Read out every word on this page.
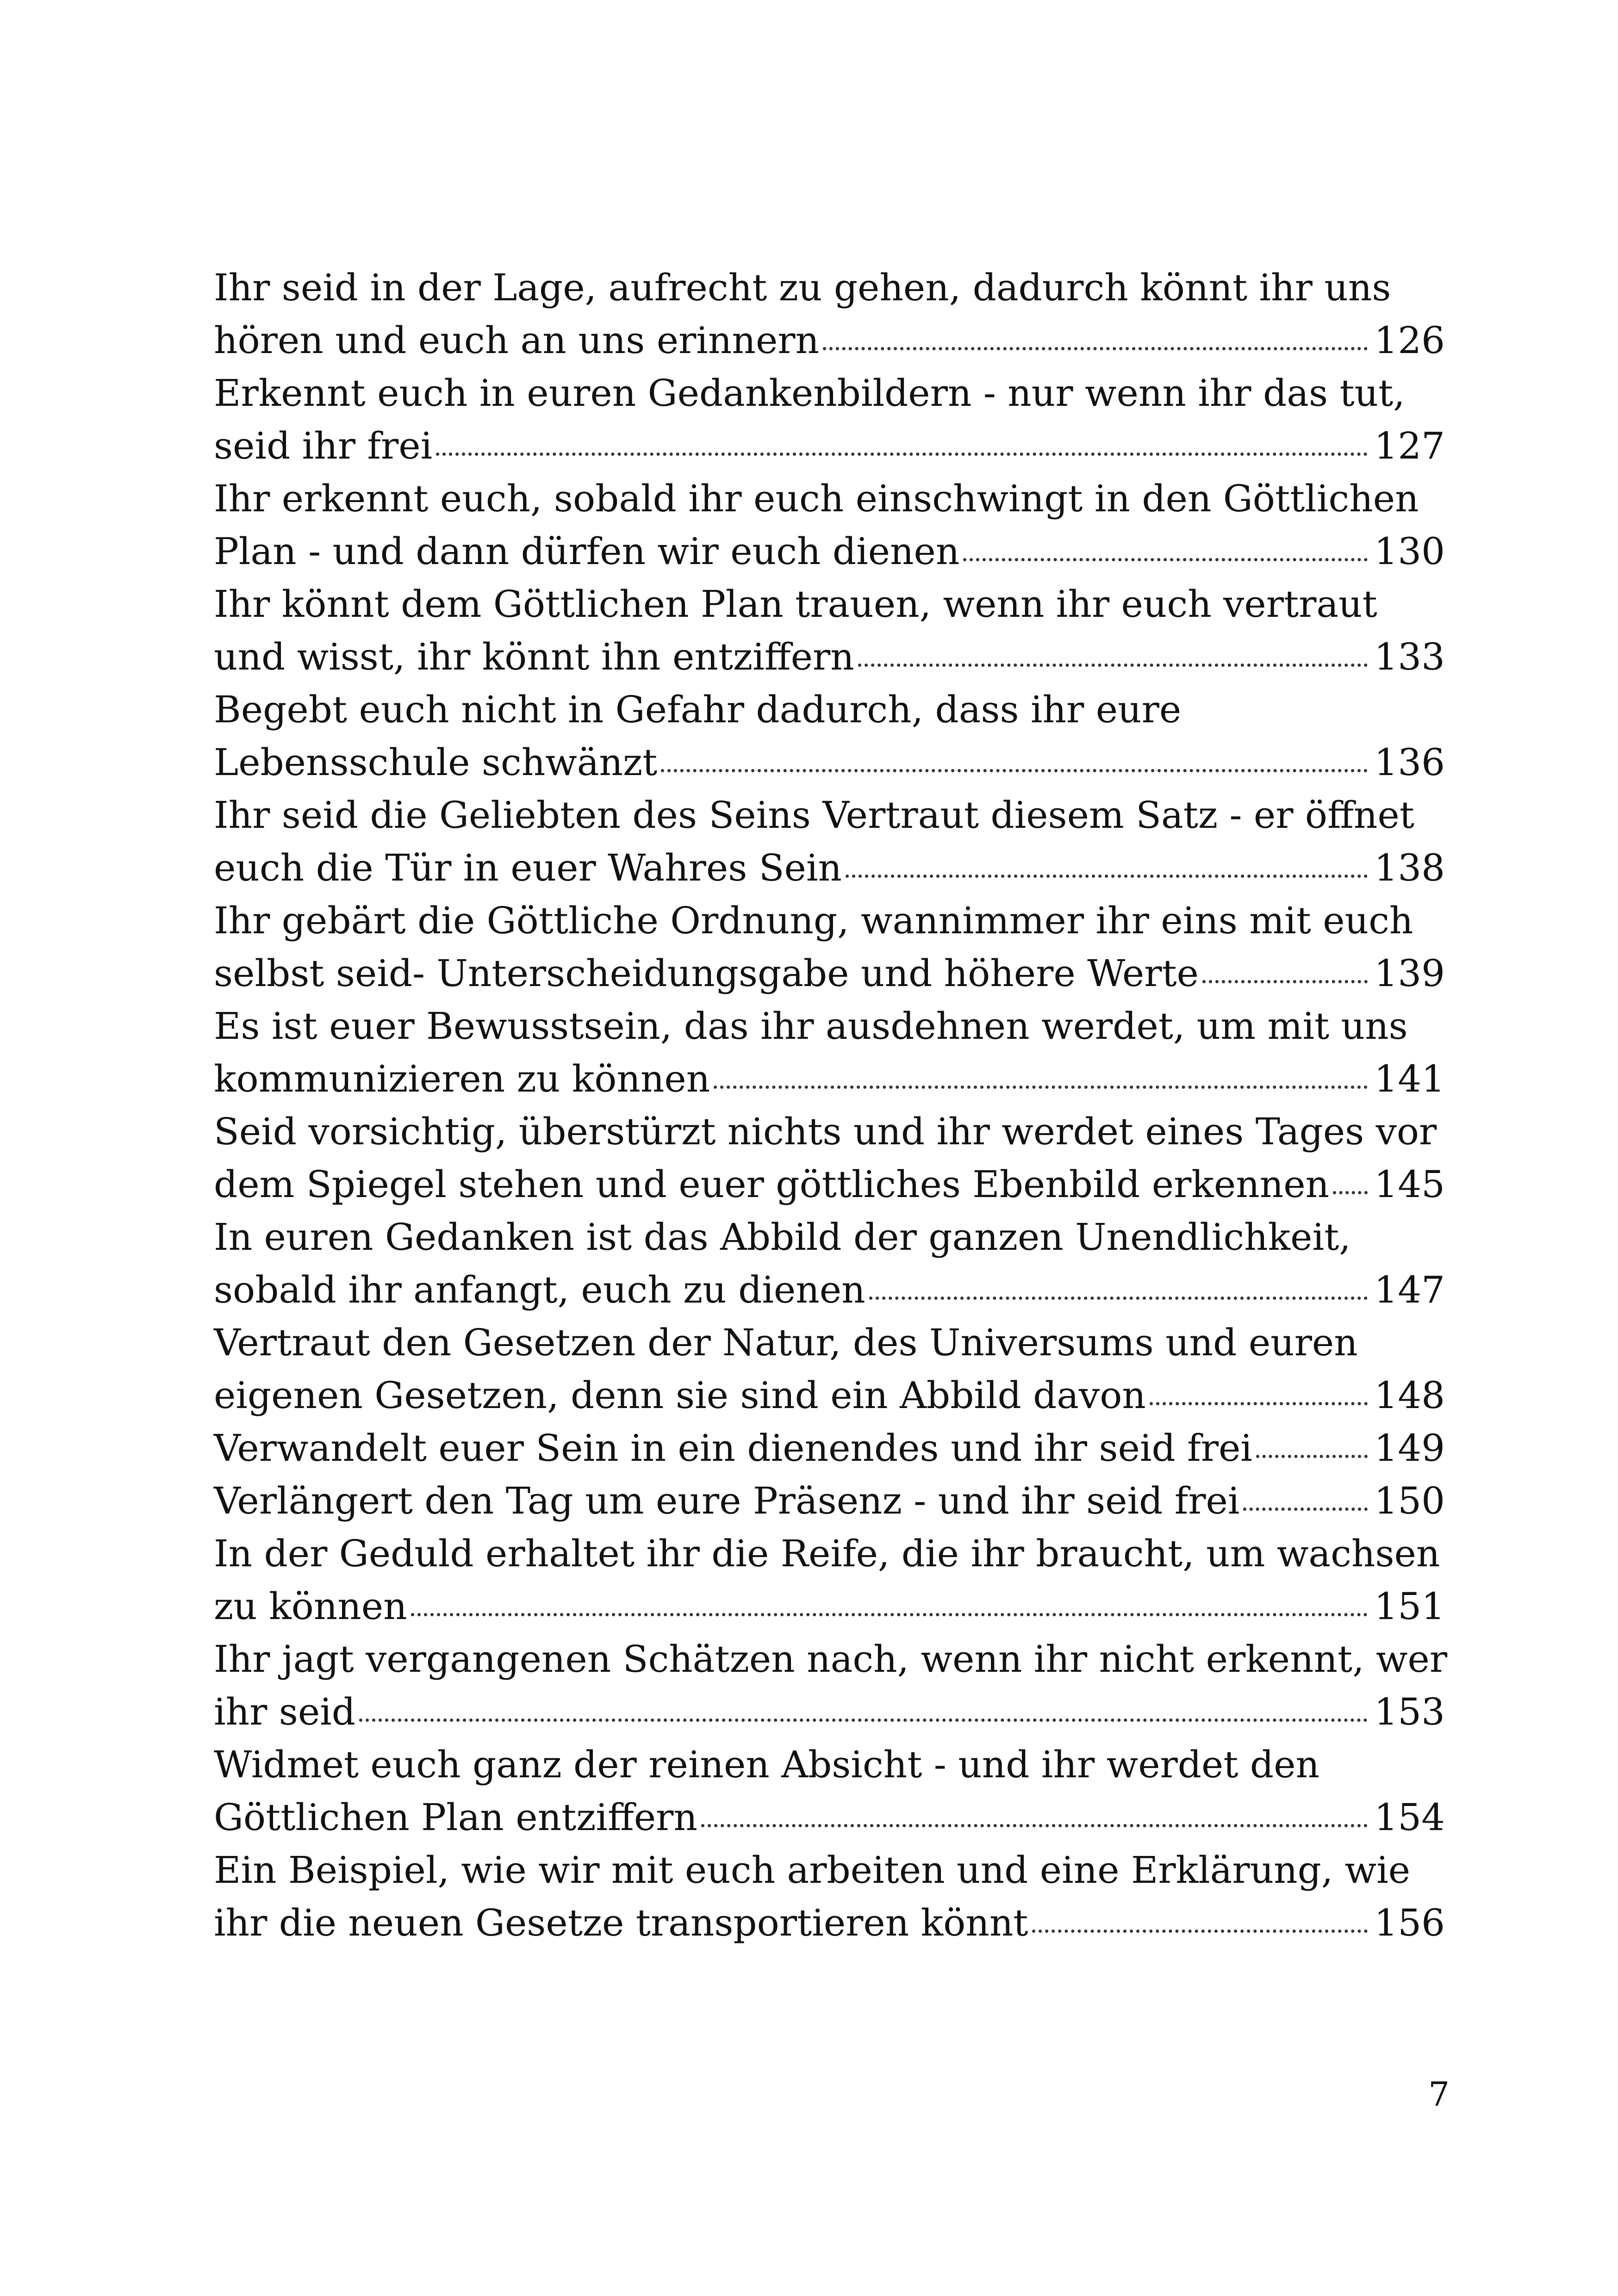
Ihr seid in der Lage, aufrecht zu gehen, dadurch könnt ihr uns
hören und euch an uns erinnern	126
Erkennt euch in euren Gedankenbildern - nur wenn ihr das tut,
seid ihr frei	127
Ihr erkennt euch, sobald ihr euch einschwingt in den Göttlichen
Plan - und dann dürfen wir euch dienen	130
Ihr könnt dem Göttlichen Plan trauen, wenn ihr euch vertraut
und wisst, ihr könnt ihn entziffern	133
Begebt euch nicht in Gefahr dadurch, dass ihr eure
Lebensschule schwänzt	136
Ihr seid die Geliebten des Seins Vertraut diesem Satz - er öffnet
euch die Tür in euer Wahres Sein	138
Ihr gebärt die Göttliche Ordnung, wannimmer ihr eins mit euch
selbst seid- Unterscheidungsgabe und höhere Werte	139
Es ist euer Bewusstsein, das ihr ausdehnen werdet, um mit uns
kommunizieren zu können	141
Seid vorsichtig, überstürzt nichts und ihr werdet eines Tages vor
dem Spiegel stehen und euer göttliches Ebenbild erkennen 145
In euren Gedanken ist das Abbild der ganzen Unendlichkeit,
sobald ihr anfangt, euch zu dienen	147
Vertraut den Gesetzen der Natur, des Universums und euren
eigenen Gesetzen, denn sie sind ein Abbild davon	148
Verwandelt euer Sein in ein dienendes und ihr seid frei	149
Verlängert den Tag um eure Präsenz - und ihr seid frei	150
In der Geduld erhaltet ihr die Reife, die ihr braucht, um wachsen
zu können	151
Ihr jagt vergangenen Schätzen nach, wenn ihr nicht erkennt, wer
ihr seid	153
Widmet euch ganz der reinen Absicht - und ihr werdet den
Göttlichen Plan entziffern	154
Ein Beispiel, wie wir mit euch arbeiten und eine Erklärung, wie
ihr die neuen Gesetze transportieren könnt	156
7
